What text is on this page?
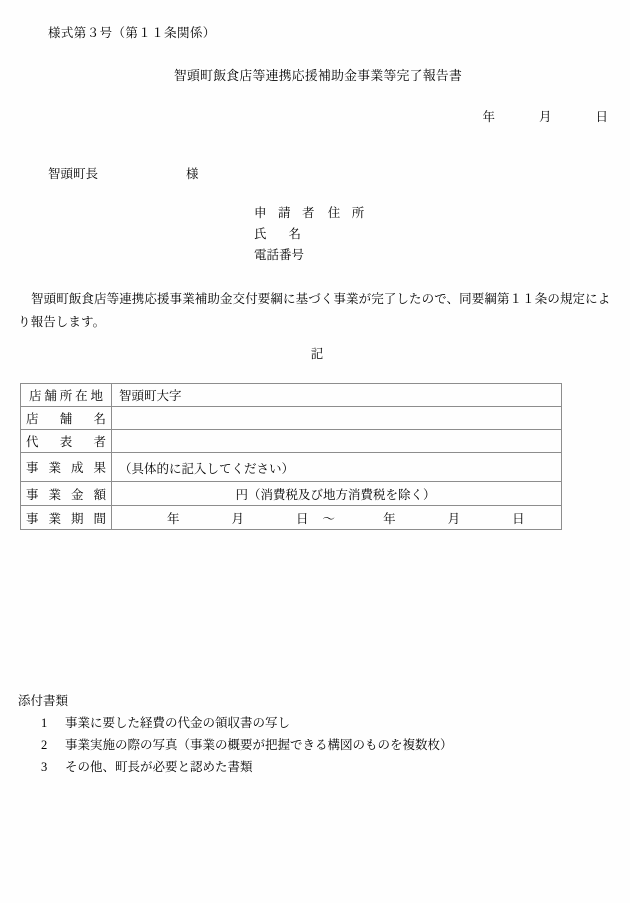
様式第３号（第１１条関係）
智頭町飯食店等連携応援補助金事業等完了報告書
年	月	日
智頭町長	様
申 請 者 住 所
氏 名
電話番号
智頭町飯食店等連携応援事業補助金交付要綱に基づく事業が完了したので、同要綱第１１条の規定により報告します。
記
店舗所在地	智頭町大字
店　舗　名	
代　表　者	
事 業 成 果	（具体的に記入してください）
事 業 金 額	円（消費税及び地方消費税を除く）
事 業 期 間	年 月 日 〜 年 月 日
添付書類
1 事業に要した経費の代金の領収書の写し
2 事業実施の際の写真（事業の概要が把握できる構図のものを複数枚）
3 その他、町長が必要と認めた書類
